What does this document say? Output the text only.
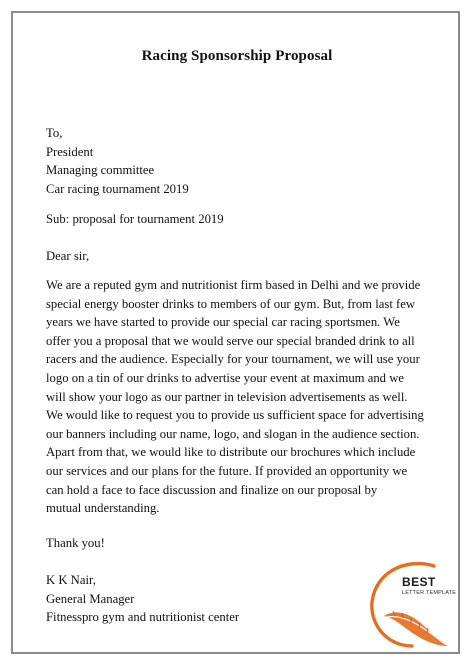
Racing Sponsorship Proposal
To,
President
Managing committee
Car racing tournament 2019
Sub: proposal for tournament 2019
Dear sir,
We are a reputed gym and nutritionist firm based in Delhi and we provide
special energy booster drinks to members of our gym. But, from last few
years we have started to provide our special car racing sportsmen. We
offer you a proposal that we would serve our special branded drink to all
racers and the audience. Especially for your tournament, we will use your
logo on a tin of our drinks to advertise your event at maximum and we
will show your logo as our partner in television advertisements as well.
We would like to request you to provide us sufficient space for advertising
our banners including our name, logo, and slogan in the audience section.
Apart from that, we would like to distribute our brochures which include
our services and our plans for the future. If provided an opportunity we
can hold a face to face discussion and finalize on our proposal by
mutual understanding.
Thank you!
K K Nair,
General Manager
Fitnesspro gym and nutritionist center
BEST
LETTER TEMPLATE
